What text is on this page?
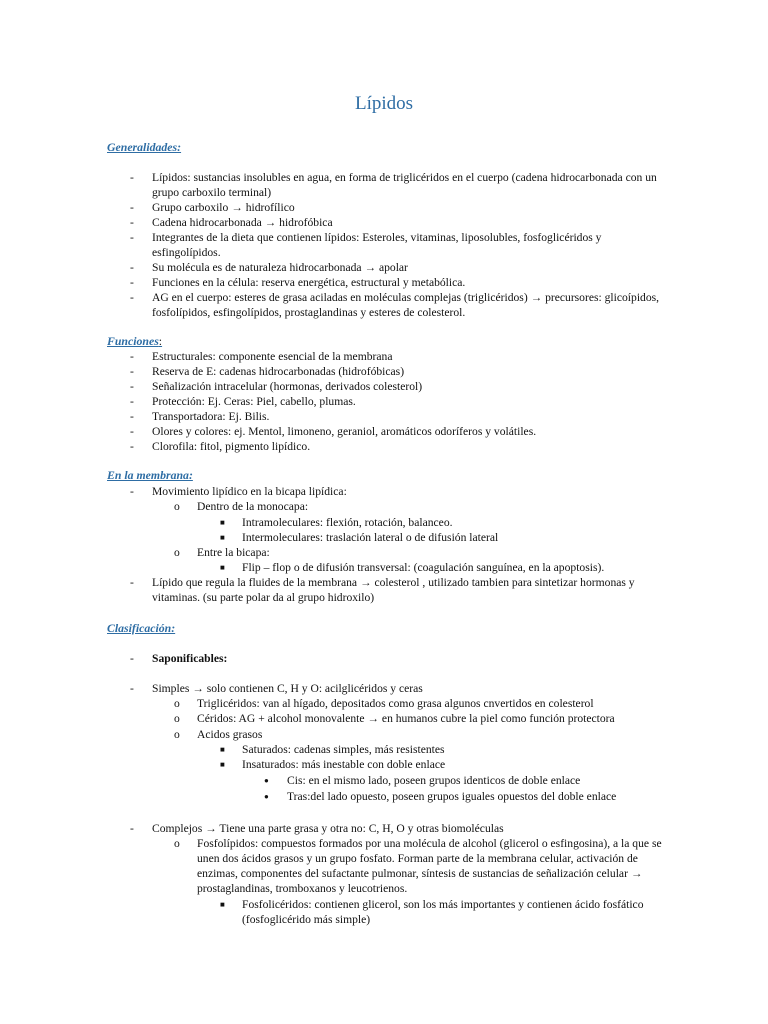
Lípidos
Generalidades:
-	Lípidos: sustancias insolubles en agua, en forma de triglicéridos en el cuerpo (cadena hidrocarbonada con un grupo carboxilo terminal)
-	Grupo carboxilo → hidrofílico
-	Cadena hidrocarbonada → hidrofóbica
-	Integrantes de la dieta que contienen lípidos: Esteroles, vitaminas, liposolubles, fosfoglicéridos y esfingolípidos.
-	Su molécula es de naturaleza hidrocarbonada → apolar
-	Funciones en la célula: reserva energética, estructural y metabólica.
-	AG en el cuerpo: esteres de grasa aciladas en moléculas complejas (triglicéridos) → precursores: glicoípidos, fosfolípidos, esfingolípidos, prostaglandinas y esteres de colesterol.
Funciones:
-	Estructurales: componente esencial de la membrana
-	Reserva de E: cadenas hidrocarbonadas (hidrofóbicas)
-	Señalización intracelular (hormonas, derivados colesterol)
-	Protección: Ej. Ceras: Piel, cabello, plumas.
-	Transportadora: Ej. Bilis.
-	Olores y colores: ej. Mentol, limoneno, geraniol, aromáticos odoríferos y volátiles.
-	Clorofila: fitol, pigmento lipídico.
En la membrana:
-	Movimiento lipídico en la bicapa lipídica:
o	Dentro de la monocapa:
■	Intramoleculares: flexión, rotación, balanceo.
■	Intermoleculares: traslación lateral o de difusión lateral
o	Entre la bicapa:
■	Flip – flop o de difusión transversal: (coagulación sanguínea, en la apoptosis).
-	Lípido que regula la fluides de la membrana → colesterol , utilizado tambien para sintetizar hormonas y vitaminas. (su parte polar da al grupo hidroxilo)
Clasificación:
-	Saponificables:
-	Simples → solo contienen C, H y O: acilglicéridos y ceras
o	Triglicéridos: van al hígado, depositados como grasa algunos cnvertidos en colesterol
o	Céridos: AG + alcohol monovalente → en humanos cubre la piel como función protectora
o	Acidos grasos
■	Saturados: cadenas simples, más resistentes
■	Insaturados: más inestable con doble enlace
●	Cis: en el mismo lado, poseen grupos identicos de doble enlace
●	Tras:del lado opuesto, poseen grupos iguales opuestos del doble enlace
-	Complejos → Tiene una parte grasa y otra no: C, H, O y otras biomoléculas
o	Fosfolípidos: compuestos formados por una molécula de alcohol (glicerol o esfingosina), a la que se unen dos ácidos grasos y un grupo fosfato. Forman parte de la membrana celular, activación de enzimas, componentes del sufactante pulmonar, síntesis de sustancias de señalización celular → prostaglandinas, tromboxanos y leucotrienos.
■	Fosfolicéridos: contienen glicerol, son los más importantes y contienen ácido fosfático (fosfoglicérido más simple)
